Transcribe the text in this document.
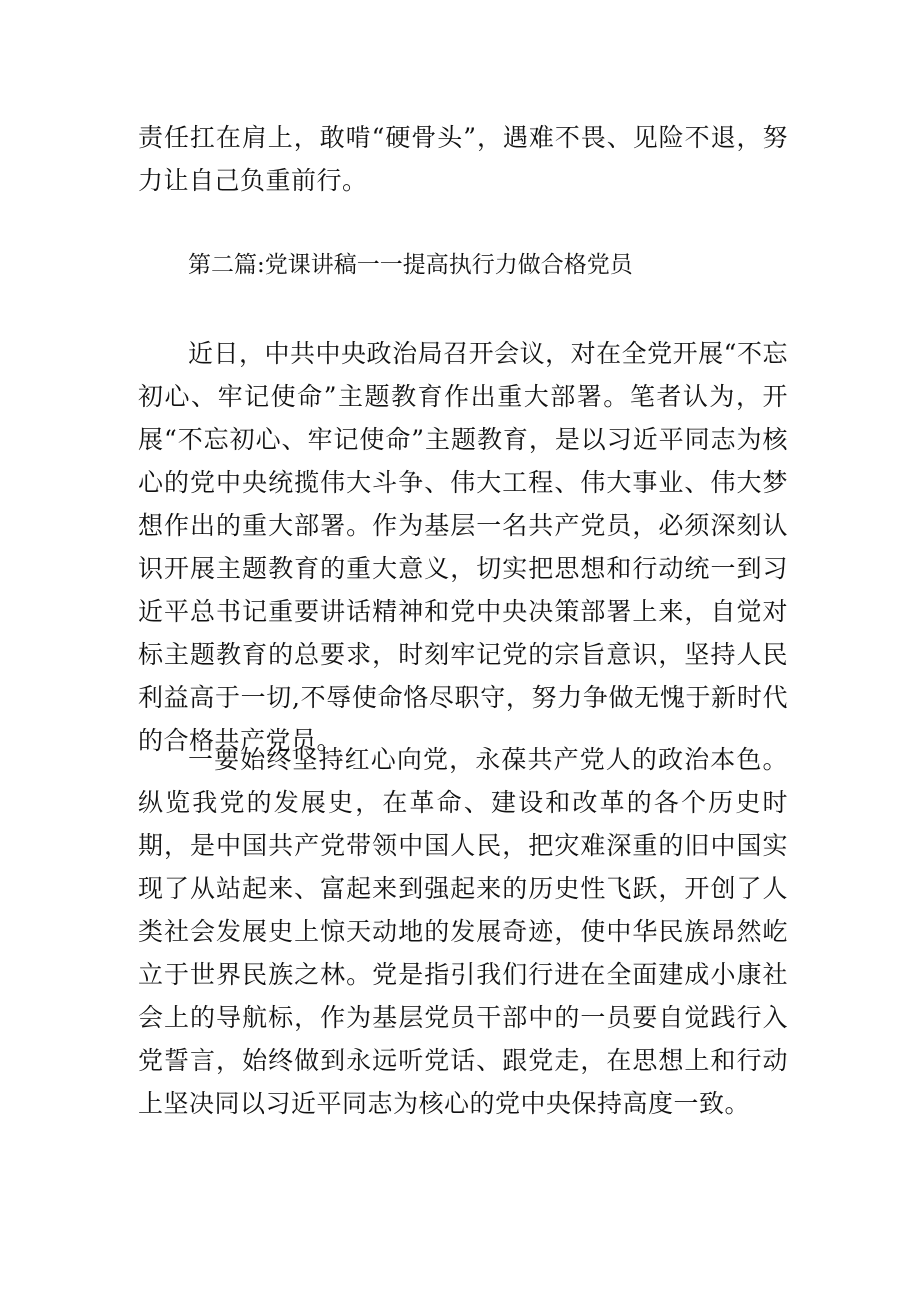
责任扛在肩上，敢啃“硬骨头”，遇难不畏、见险不退，努力让自己负重前行。

第二篇:党课讲稿一一提高执行力做合格党员

近日，中共中央政治局召开会议，对在全党开展“不忘初心、牢记使命”主题教育作出重大部署。笔者认为，开展“不忘初心、牢记使命”主题教育，是以习近平同志为核心的党中央统揽伟大斗争、伟大工程、伟大事业、伟大梦想作出的重大部署。作为基层一名共产党员，必须深刻认识开展主题教育的重大意义，切实把思想和行动统一到习近平总书记重要讲话精神和党中央决策部署上来，自觉对标主题教育的总要求，时刻牢记党的宗旨意识，坚持人民利益高于一切,不辱使命恪尽职守，努力争做无愧于新时代的合格共产党员。

一要始终坚持红心向党，永葆共产党人的政治本色。纵览我党的发展史，在革命、建设和改革的各个历史时期，是中国共产党带领中国人民，把灾难深重的旧中国实现了从站起来、富起来到强起来的历史性飞跃，开创了人类社会发展史上惊天动地的发展奇迹，使中华民族昂然屹立于世界民族之林。党是指引我们行进在全面建成小康社会上的导航标，作为基层党员干部中的一员要自觉践行入党誓言，始终做到永远听党话、跟党走，在思想上和行动上坚决同以习近平同志为核心的党中央保持高度一致。
